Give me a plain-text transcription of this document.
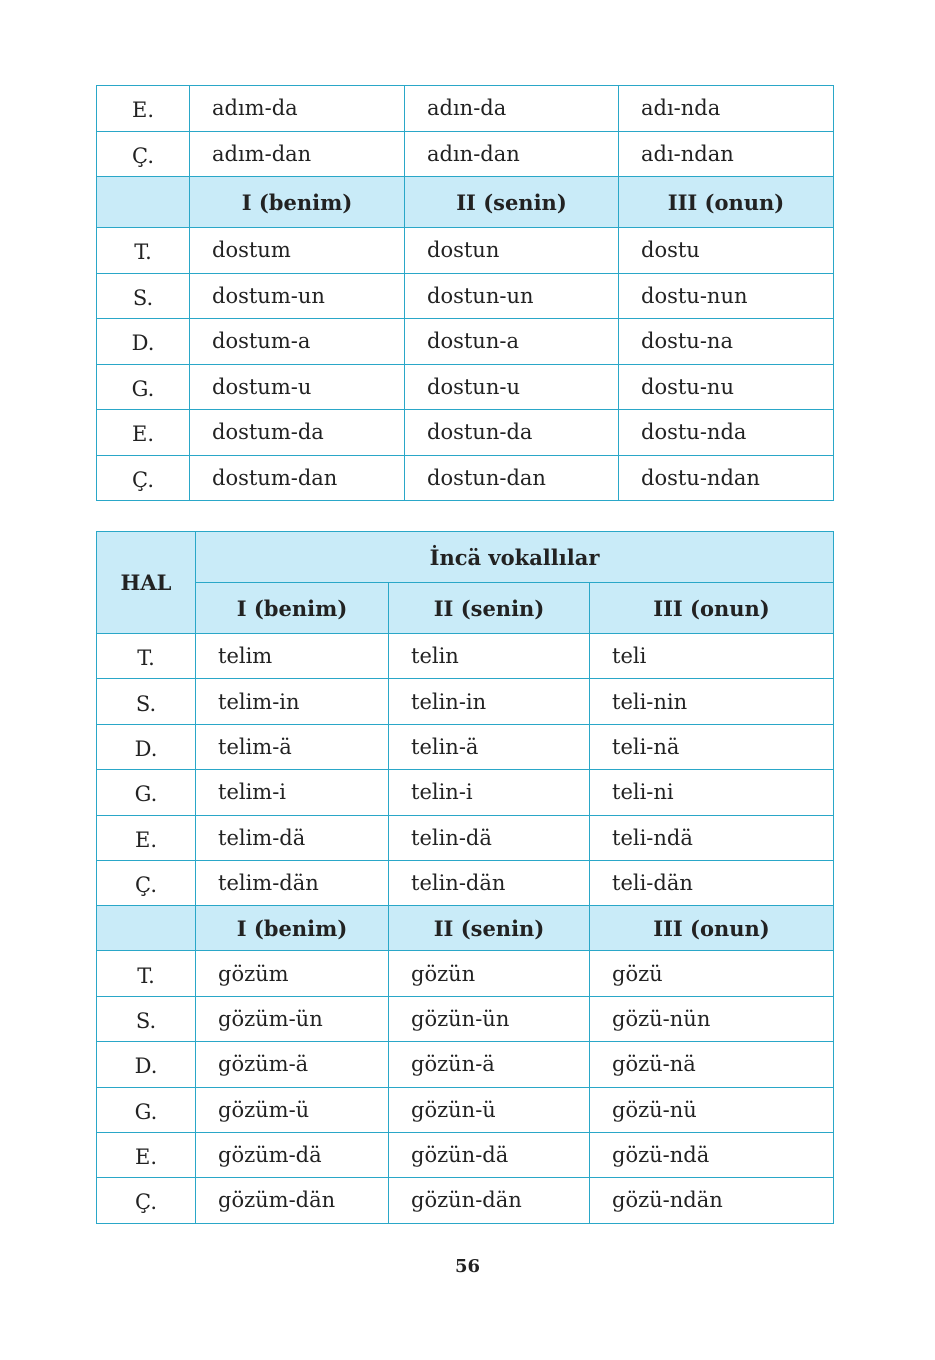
E.	adım-da	adın-da	adı-nda
Ç.	adım-dan	adın-dan	adı-ndan
	I (benim)	II (senin)	III (onun)
T.	dostum	dostun	dostu
S.	dostum-un	dostun-un	dostu-nun
D.	dostum-a	dostun-a	dostu-na
G.	dostum-u	dostun-u	dostu-nu
E.	dostum-da	dostun-da	dostu-nda
Ç.	dostum-dan	dostun-dan	dostu-ndan
HAL	İncä vokallılar		
	I (benim)	II (senin)	III (onun)
T.	telim	telin	teli
S.	telim-in	telin-in	teli-nin
D.	telim-ä	telin-ä	teli-nä
G.	telim-i	telin-i	teli-ni
E.	telim-dä	telin-dä	teli-ndä
Ç.	telim-dän	telin-dän	teli-dän
	I (benim)	II (senin)	III (onun)
T.	gözüm	gözün	gözü
S.	gözüm-ün	gözün-ün	gözü-nün
D.	gözüm-ä	gözün-ä	gözü-nä
G.	gözüm-ü	gözün-ü	gözü-nü
E.	gözüm-dä	gözün-dä	gözü-ndä
Ç.	gözüm-dän	gözün-dän	gözü-ndän
56
